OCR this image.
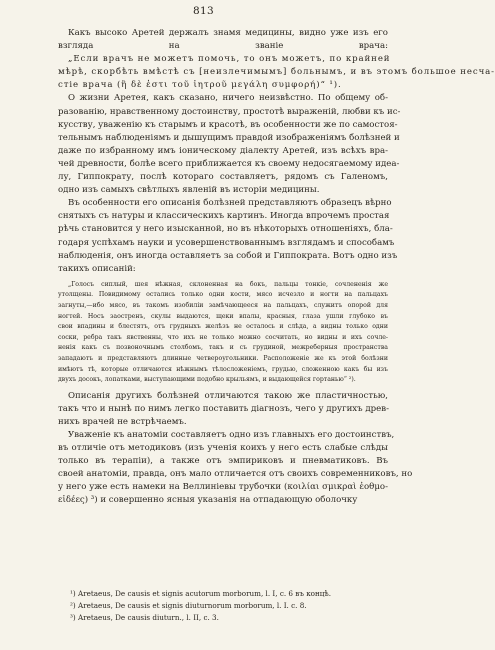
813
Какъ высоко Аретей держалъ знамя медицины, видно уже изъ его
взгляда на званіе врача:
„Если врачъ не можетъ помочь, то онъ можетъ, по крайней
мѣрѣ, скорбѣть вмѣстѣ съ [неизлечимымъ] больнымъ, и въ этомъ большое несча-
стіе врача (ἢ δὲ ἐστι τοῦ ἰητροῦ μεγάλη συμφορή)“ ¹).
О жизни Аретея, какъ сказано, ничего неизвѣстно. По общему об-
разованію, нравственному достоинству, простотѣ выраженій, любви къ ис-
кусству, уваженію къ старымъ и красотѣ, въ особенности же по самостоя-
тельнымъ наблюденіямъ и дышущимъ правдой изображеніямъ болѣзней и
даже по избранному имъ іоническому діалекту Аретей, изъ всѣхъ вра-
чей древности, болѣе всего приближается къ своему недосягаемому идеа-
лу, Гиппократу, послѣ котораго составляетъ, рядомъ съ Галеномъ,
одно изъ самыхъ свѣтлыхъ явленій въ исторіи медицины.
Въ особенности его описанія болѣзней представляютъ образецъ вѣрно
снятыхъ съ натуры и классическихъ картинъ. Иногда впрочемъ простая
рѣчь становится у него изысканной, но въ нѣкоторыхъ отношеніяхъ, бла-
годаря успѣхамъ науки и усовершенствованнымъ взглядамъ и способамъ
наблюденія, онъ иногда оставляетъ за собой и Гиппократа. Вотъ одно изъ
такихъ описаній:
„Голосъ сиплый, шея нѣжная, склоненная на бокъ, пальцы тонкіе, сочлененія же
утолщены. Повидимому остались только одни кости, мясо исчезло и ногти на пальцахъ
загнуты,—ибо мясо, въ такомъ изобиліи замѣчающееся на пальцахъ, служитъ опорой для
ногтей. Носъ заостренъ, скулы выдаются, щеки впалы, красныя, глаза ушли глубоко въ
свои впадины и блестятъ, отъ грудныхъ желѣзъ не осталось и слѣда, а видны только одни
соски, ребра такъ явственны, что ихъ не только можно сосчитать, но видны и ихъ сочле-
ненія какъ съ позвоночнымъ столбомъ, такъ и съ грудиной, межреберныя пространства
западаютъ и представляютъ длинные четвероугольники. Расположеніе же къ этой болѣзни
имѣютъ тѣ, которые отличаются нѣжнымъ тѣлосложеніемъ, грудью, сложенною какъ бы изъ
двухъ досокъ, лопатками, выступающими подобно крыльямъ, и выдающейся гортанью“ ²).
Описанія другихъ болѣзней отличаются такою же пластичностью,
такъ что и нынѣ по нимъ легко поставить діагнозъ, чего у другихъ древ-
нихъ врачей не встрѣчаемъ.
Уваженіе къ анатоміи составляетъ одно изъ главныхъ его достоинствъ,
въ отличіе отъ методиковъ (изъ ученія коихъ у него есть слабые слѣды
только въ терапіи), а также отъ эмпириковъ и пневматиковъ. Въ
своей анатоміи, правда, онъ мало отличается отъ своихъ современниковъ, но
у него уже есть намеки на Веллиніевы трубочки (κοιλίαι σμικραὶ ἐοθμο-
εἰδέες) ³) и совершенно ясныя указанія на отпадающую оболочку
¹) Aretaeus, De causis et signis acutorum morborum, l. I, c. 6 въ концѣ.
²) Aretaeus, De causis et signis diuturnorum morborum, l. I. c. 8.
³) Aretaeus, De causis diuturn., l. II, c. 3.
